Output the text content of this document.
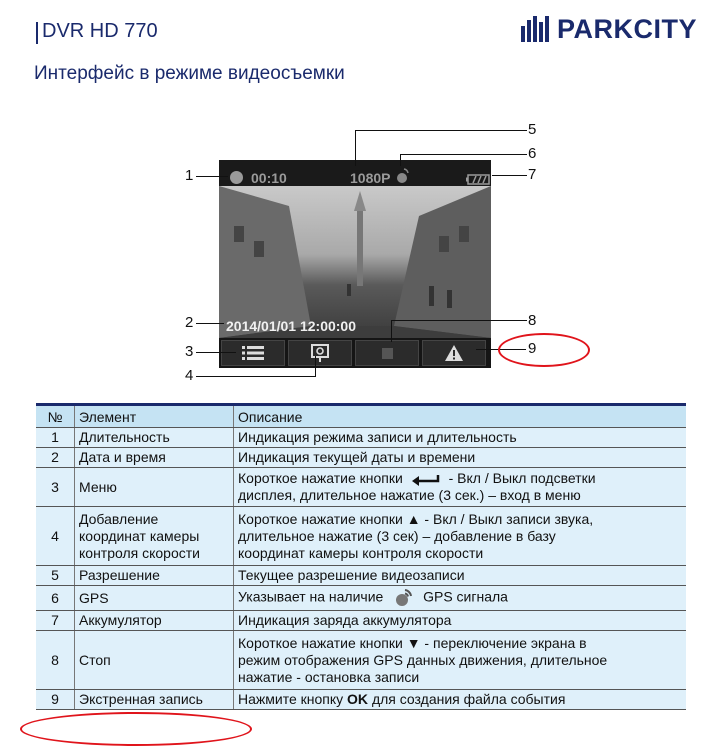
DVR HD 770	PARKCITY
Интерфейс в режиме видеосъемки
00:10	1080P
2014/01/01 12:00:00
1
2
3
4
5
6
7
8
9
№	Элемент	Описание
1	Длительность	Индикация режима записи и длительность
2	Дата и время	Индикация текущей даты и времени
3	Меню	Короткое нажатие кнопки - Вкл / Выкл подсветки
дисплея, длительное нажатие (3 сек.) – вход в меню
4	Добавление
координат камеры
контроля скорости	Короткое нажатие кнопки ▲ - Вкл / Выкл записи звука,
длительное нажатие (3 сек) – добавление в базу
координат камеры контроля скорости
5	Разрешение	Текущее разрешение видеозаписи
6	GPS	Указывает на наличие GPS сигнала
7	Аккумулятор	Индикация заряда аккумулятора
8	Стоп	Короткое нажатие кнопки ▼ - переключение экрана в
режим отображения GPS данных движения, длительное
нажатие - остановка записи
9	Экстренная запись	Нажмите кнопку OK для создания файла события
